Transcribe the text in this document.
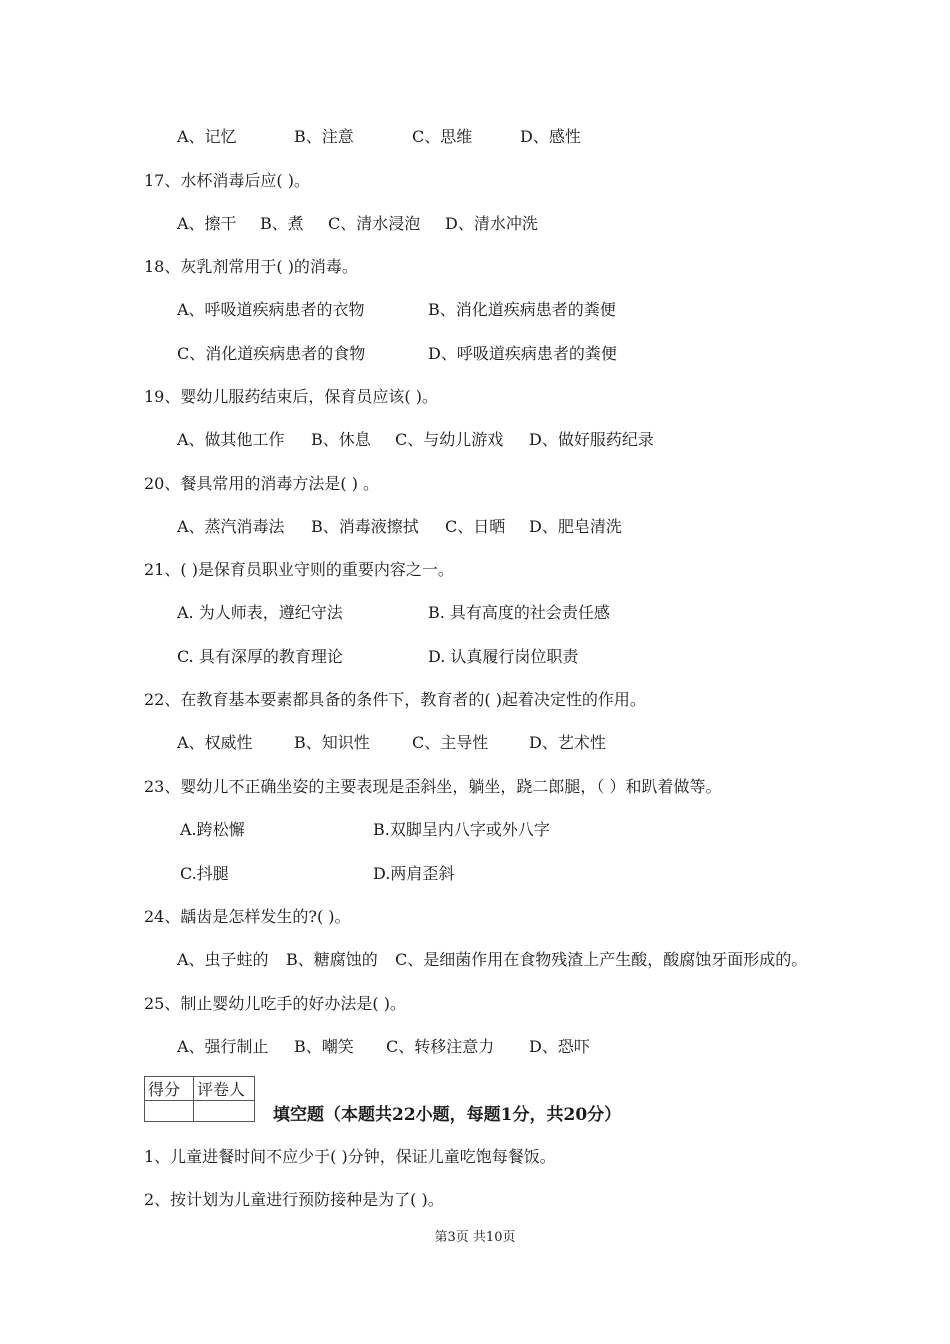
A、记忆	B、注意	C、思维	D、感性
17、水杯消毒后应( )。
A、擦干 B、煮 C、清水浸泡 D、清水冲洗
18、灰乳剂常用于( )的消毒。
A、呼吸道疾病患者的衣物	B、消化道疾病患者的粪便
C、消化道疾病患者的食物	D、呼吸道疾病患者的粪便
19、婴幼儿服药结束后，保育员应该( )。
A、做其他工作 B、休息 C、与幼儿游戏 D、做好服药纪录
20、餐具常用的消毒方法是( ) 。
A、蒸汽消毒法 B、消毒液擦拭 C、日晒 D、肥皂清洗
21、( )是保育员职业守则的重要内容之一。
A. 为人师表，遵纪守法	B. 具有高度的社会责任感
C. 具有深厚的教育理论	D. 认真履行岗位职责
22、在教育基本要素都具备的条件下，教育者的( )起着决定性的作用。
A、权威性	B、知识性	C、主导性	D、艺术性
23、婴幼儿不正确坐姿的主要表现是歪斜坐，躺坐，跷二郎腿，（ ）和趴着做等。
A.跨松懈	B.双脚呈内八字或外八字
C.抖腿	D.两肩歪斜
24、龋齿是怎样发生的?( )。
A、虫子蛀的 B、糖腐蚀的 C、是细菌作用在食物残渣上产生酸，酸腐蚀牙面形成的。
25、制止婴幼儿吃手的好办法是( )。
A、强行制止 B、嘲笑 C、转移注意力 D、恐吓
得分	评卷人

填空题（本题共22小题，每题1分，共20分）
1、儿童进餐时间不应少于( )分钟，保证儿童吃饱每餐饭。
2、按计划为儿童进行预防接种是为了( )。
第3页 共10页
